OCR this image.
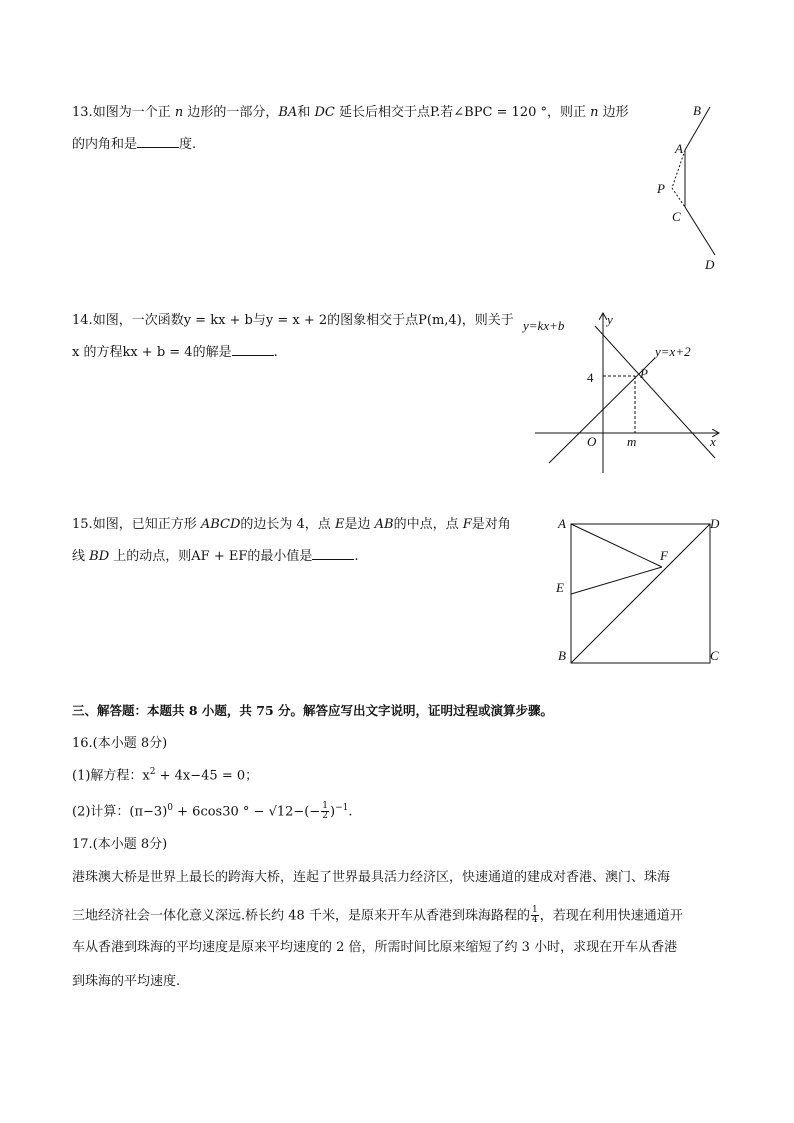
13.如图为一个正 n 边形的一部分，BA和 DC 延长后相交于点P.若∠BPC = 120 °，则正 n 边形
的内角和是	度.
B
A
P
C
D
14.如图，一次函数y = kx + b与y = x + 2的图象相交于点P(m,4)，则关于
x 的方程kx + b = 4的解是	.
y=kx+b
y=x+2
y
x
O
4
m
P
15.如图，已知正方形 ABCD的边长为 4，点 E是边 AB的中点，点 F是对角
线 BD 上的动点，则AF + EF的最小值是	.
A	D
F
E
B	C
三、解答题：本题共 8 小题，共 75 分。解答应写出文字说明，证明过程或演算步骤。
16.(本小题 8分)
(1)解方程：$x^2 + 4x-45 = 0$；
(2)计算：$(\pi-3)^0 + 6\cos 30$ ° − $√12-(- \frac{1}{2} )^{-1}$.
17.(本小题 8分)
港珠澳大桥是世界上最长的跨海大桥，连起了世界最具活力经济区，快速通道的建成对香港、澳门、珠海
三地经济社会一体化意义深远.桥长约 48 千米，是原来开车从香港到珠海路程的 $\frac{1}{4}$ ，若现在利用快速通道开
车从香港到珠海的平均速度是原来平均速度的 2 倍，所需时间比原来缩短了约 3 小时，求现在开车从香港
到珠海的平均速度.
